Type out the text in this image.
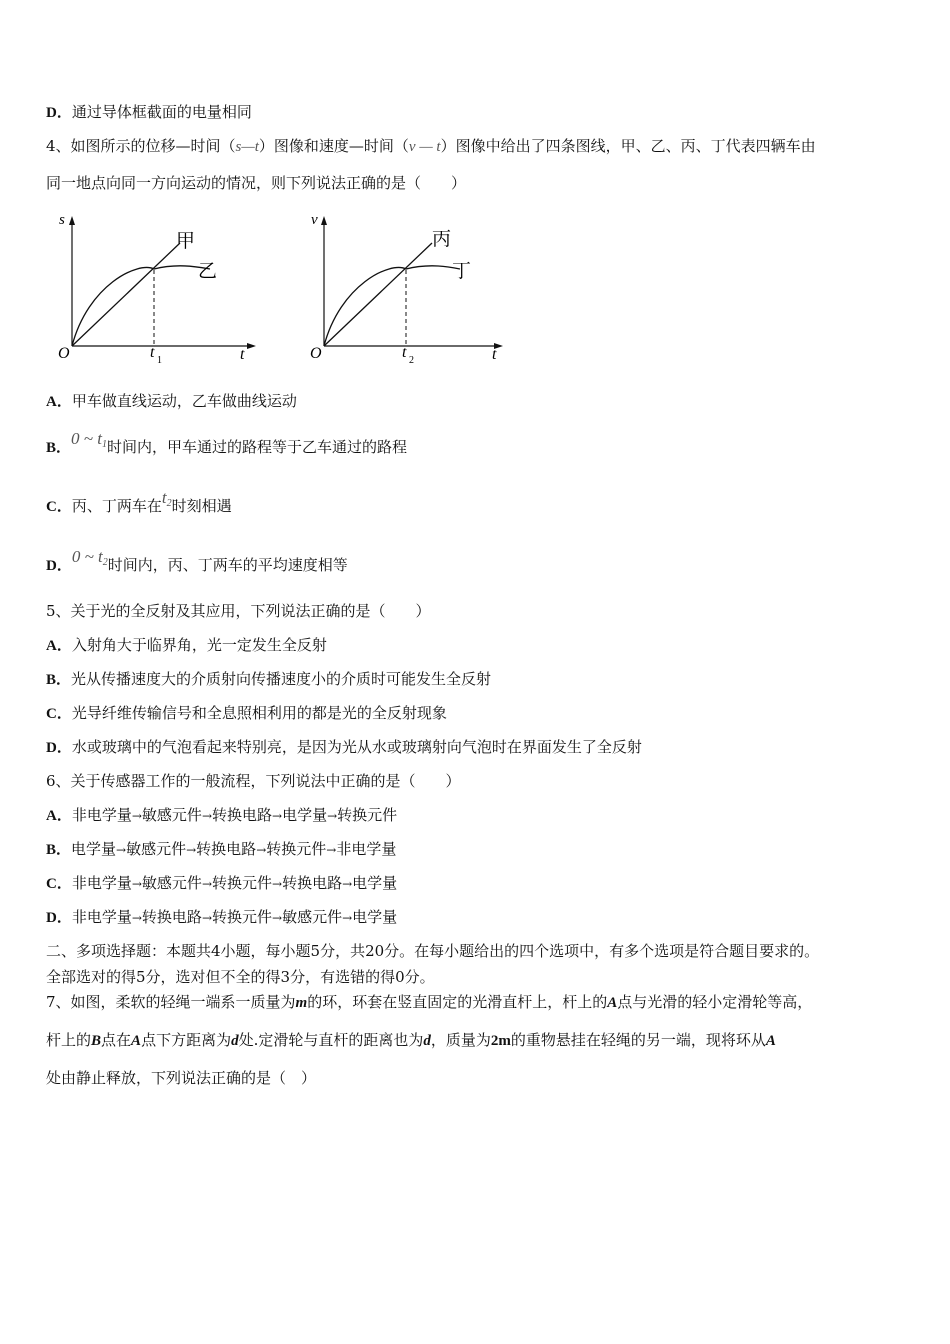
D．通过导体框截面的电量相同
4、如图所示的位移—时间（s—t）图像和速度—时间（v — t）图像中给出了四条图线，甲、乙、丙、丁代表四辆车由
同一地点向同一方向运动的情况，则下列说法正确的是（　　）
s
O	t
t 1
甲
乙
v
O	t
t 2
丙
丁
A．甲车做直线运动，乙车做曲线运动
B．0 ~ $t_1$时间内，甲车通过的路程等于乙车通过的路程
C．丙、丁两车在$t_2$时刻相遇
D．0 ~ $t_2$时间内，丙、丁两车的平均速度相等
5、关于光的全反射及其应用，下列说法正确的是（　　）
A．入射角大于临界角，光一定发生全反射
B．光从传播速度大的介质射向传播速度小的介质时可能发生全反射
C．光导纤维传输信号和全息照相利用的都是光的全反射现象
D．水或玻璃中的气泡看起来特别亮，是因为光从水或玻璃射向气泡时在界面发生了全反射
6、关于传感器工作的一般流程，下列说法中正确的是（　　）
A．非电学量→敏感元件→转换电路→电学量→转换元件
B．电学量→敏感元件→转换电路→转换元件→非电学量
C．非电学量→敏感元件→转换元件→转换电路→电学量
D．非电学量→转换电路→转换元件→敏感元件→电学量
二、多项选择题：本题共4小题，每小题5分，共20分。在每小题给出的四个选项中，有多个选项是符合题目要求的。
全部选对的得5分，选对但不全的得3分，有选错的得0分。
7、如图，柔软的轻绳一端系一质量为m的环，环套在竖直固定的光滑直杆上，杆上的A点与光滑的轻小定滑轮等高，
杆上的B点在A点下方距离为d处.定滑轮与直杆的距离也为d，质量为2m的重物悬挂在轻绳的另一端，现将环从A
处由静止释放，下列说法正确的是（　）
